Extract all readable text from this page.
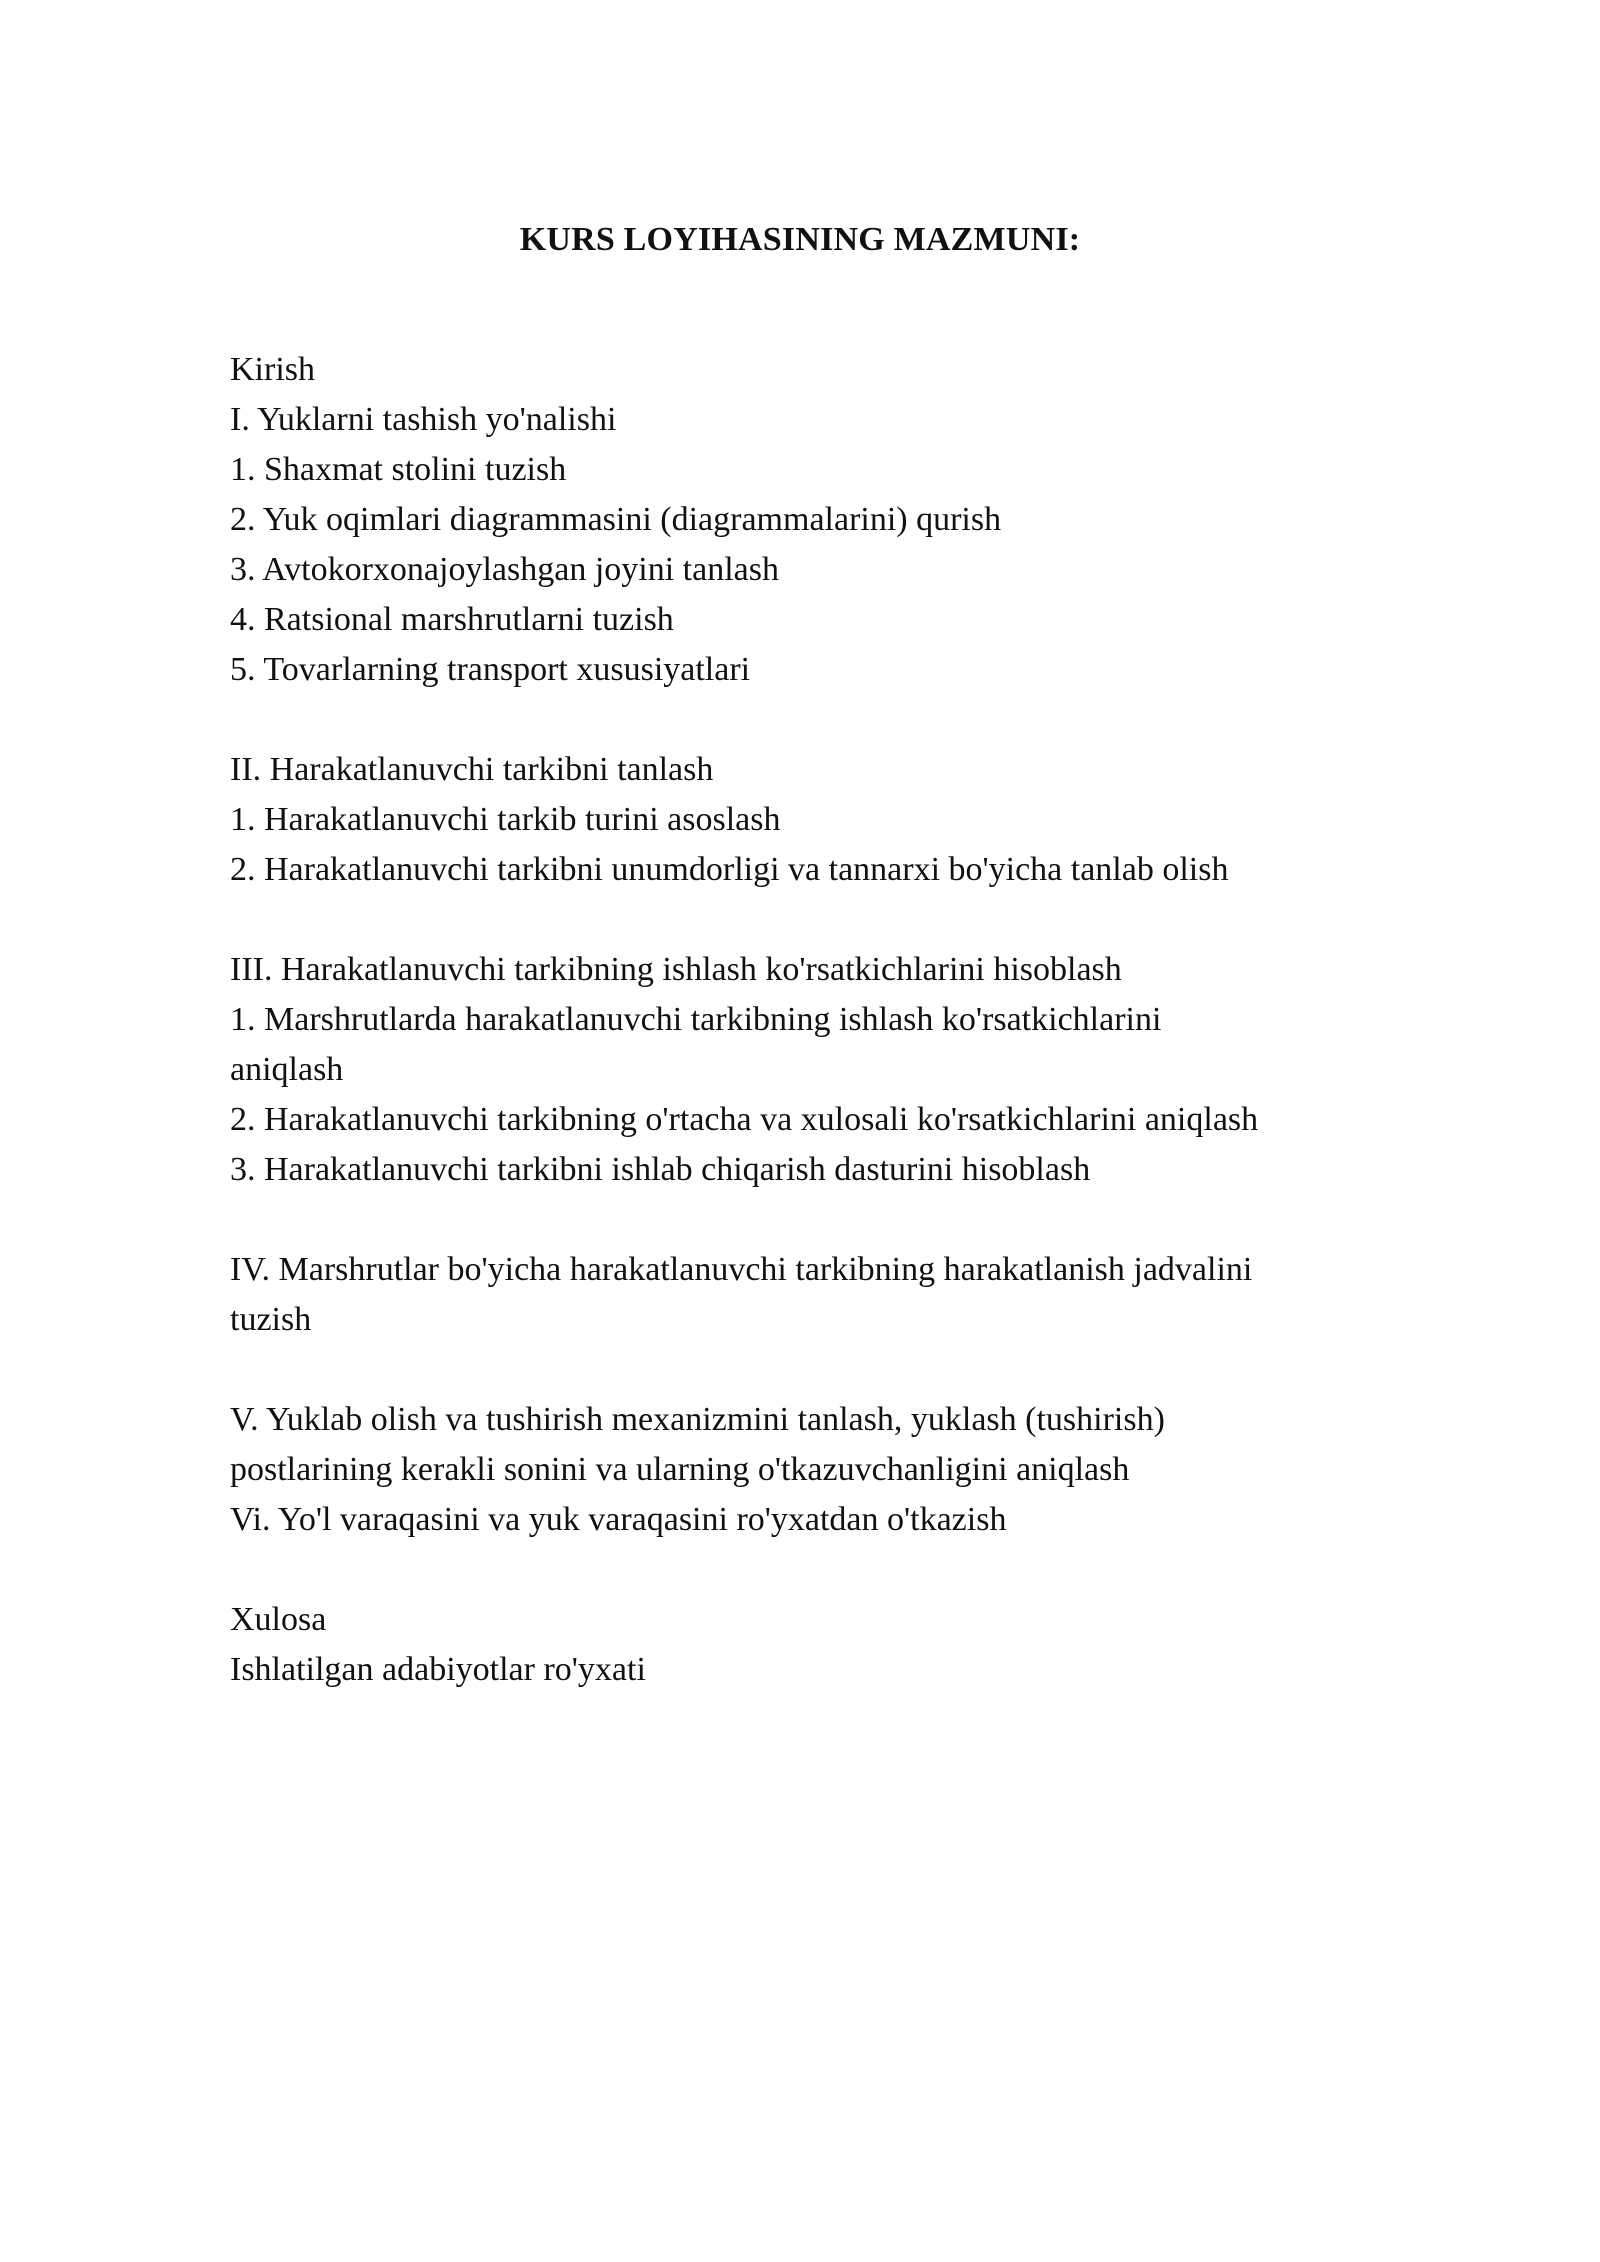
KURS LOYIHASINING MAZMUNI:
Kirish
I. Yuklarni tashish yo'nalishi
1. Shaxmat stolini tuzish
2. Yuk oqimlari diagrammasini (diagrammalarini) qurish
3. Avtokorxonajoylashgan joyini tanlash
4. Ratsional marshrutlarni tuzish
5. Tovarlarning transport xususiyatlari
II. Harakatlanuvchi tarkibni tanlash
1. Harakatlanuvchi tarkib turini asoslash
2. Harakatlanuvchi tarkibni unumdorligi va tannarxi bo'yicha tanlab olish
III. Harakatlanuvchi tarkibning ishlash ko'rsatkichlarini hisoblash
1. Marshrutlarda harakatlanuvchi tarkibning ishlash ko'rsatkichlarini
aniqlash
2. Harakatlanuvchi tarkibning o'rtacha va xulosali ko'rsatkichlarini aniqlash
3. Harakatlanuvchi tarkibni ishlab chiqarish dasturini hisoblash
IV. Marshrutlar bo'yicha harakatlanuvchi tarkibning harakatlanish jadvalini
tuzish
V. Yuklab olish va tushirish mexanizmini tanlash, yuklash (tushirish)
postlarining kerakli sonini va ularning o'tkazuvchanligini aniqlash
Vi. Yo'l varaqasini va yuk varaqasini ro'yxatdan o'tkazish
Xulosa
Ishlatilgan adabiyotlar ro'yxati
